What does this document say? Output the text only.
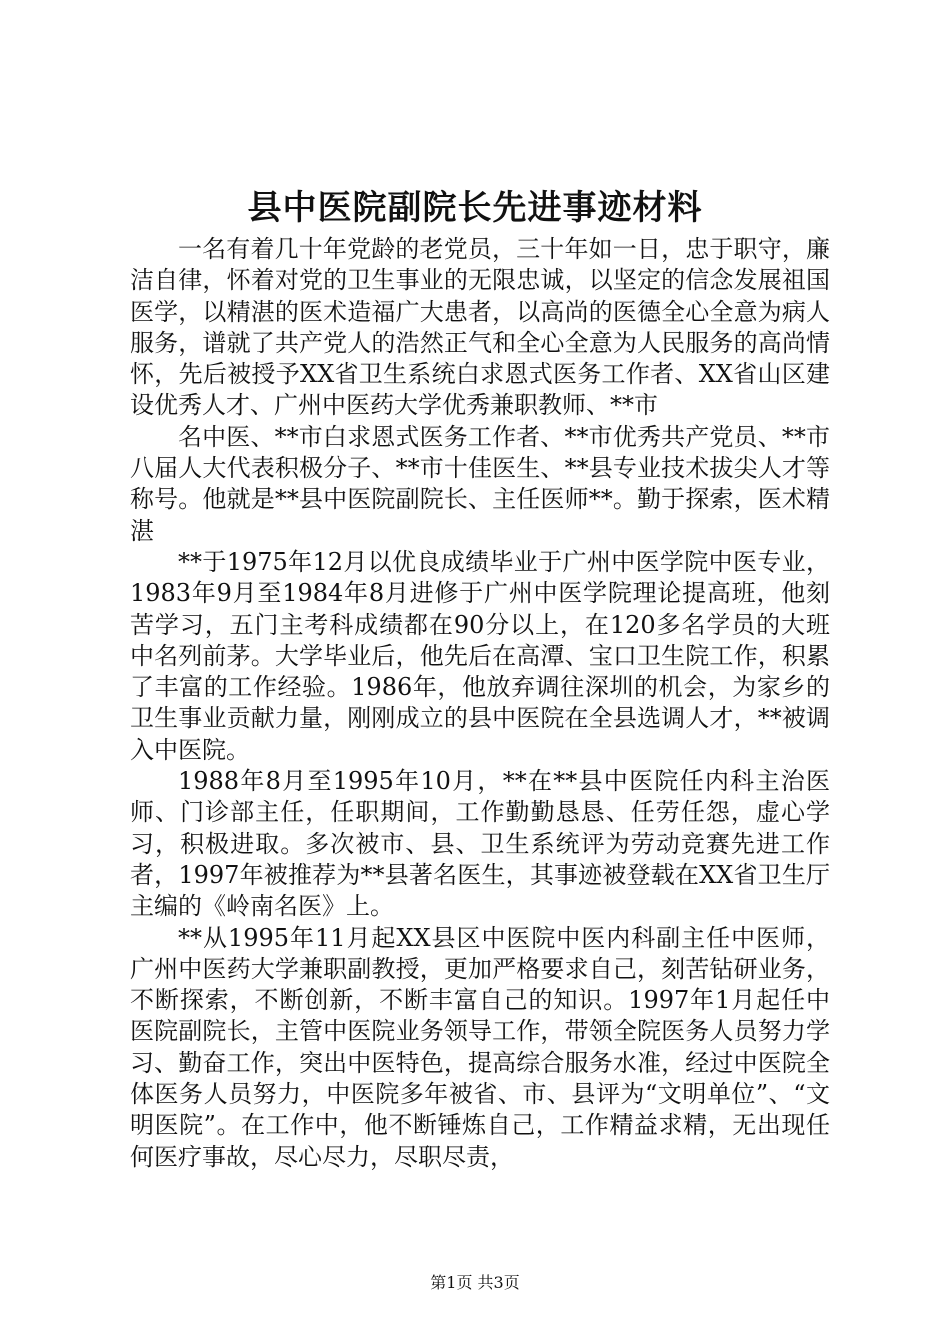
县中医院副院长先进事迹材料

一名有着几十年党龄的老党员，三十年如一日，忠于职守，廉洁自律，怀着对党的卫生事业的无限忠诚，以坚定的信念发展祖国医学，以精湛的医术造福广大患者，以高尚的医德全心全意为病人服务，谱就了共产党人的浩然正气和全心全意为人民服务的高尚情怀，先后被授予XX省卫生系统白求恩式医务工作者、XX省山区建设优秀人才、广州中医药大学优秀兼职教师、**市

名中医、**市白求恩式医务工作者、**市优秀共产党员、**市八届人大代表积极分子、**市十佳医生、**县专业技术拔尖人才等称号。他就是**县中医院副院长、主任医师**。勤于探索，医术精湛

**于1975年12月以优良成绩毕业于广州中医学院中医专业，1983年9月至1984年8月进修于广州中医学院理论提高班，他刻苦学习，五门主考科成绩都在90分以上，在120多名学员的大班中名列前茅。大学毕业后，他先后在高潭、宝口卫生院工作，积累了丰富的工作经验。1986年，他放弃调往深圳的机会，为家乡的卫生事业贡献力量，刚刚成立的县中医院在全县选调人才，**被调入中医院。

1988年8月至1995年10月，**在**县中医院任内科主治医师、门诊部主任，任职期间，工作勤勤恳恳、任劳任怨，虚心学习，积极进取。多次被市、县、卫生系统评为劳动竞赛先进工作者，1997年被推荐为**县著名医生，其事迹被登载在XX省卫生厅主编的《岭南名医》上。

**从1995年11月起XX县区中医院中医内科副主任中医师，广州中医药大学兼职副教授，更加严格要求自己，刻苦钻研业务，不断探索，不断创新，不断丰富自己的知识。1997年1月起任中医院副院长，主管中医院业务领导工作，带领全院医务人员努力学习、勤奋工作，突出中医特色，提高综合服务水准，经过中医院全体医务人员努力，中医院多年被省、市、县评为“文明单位”、“文明医院”。在工作中，他不断锤炼自己，工作精益求精，无出现任何医疗事故，尽心尽力，尽职尽责，

第1页 共3页
